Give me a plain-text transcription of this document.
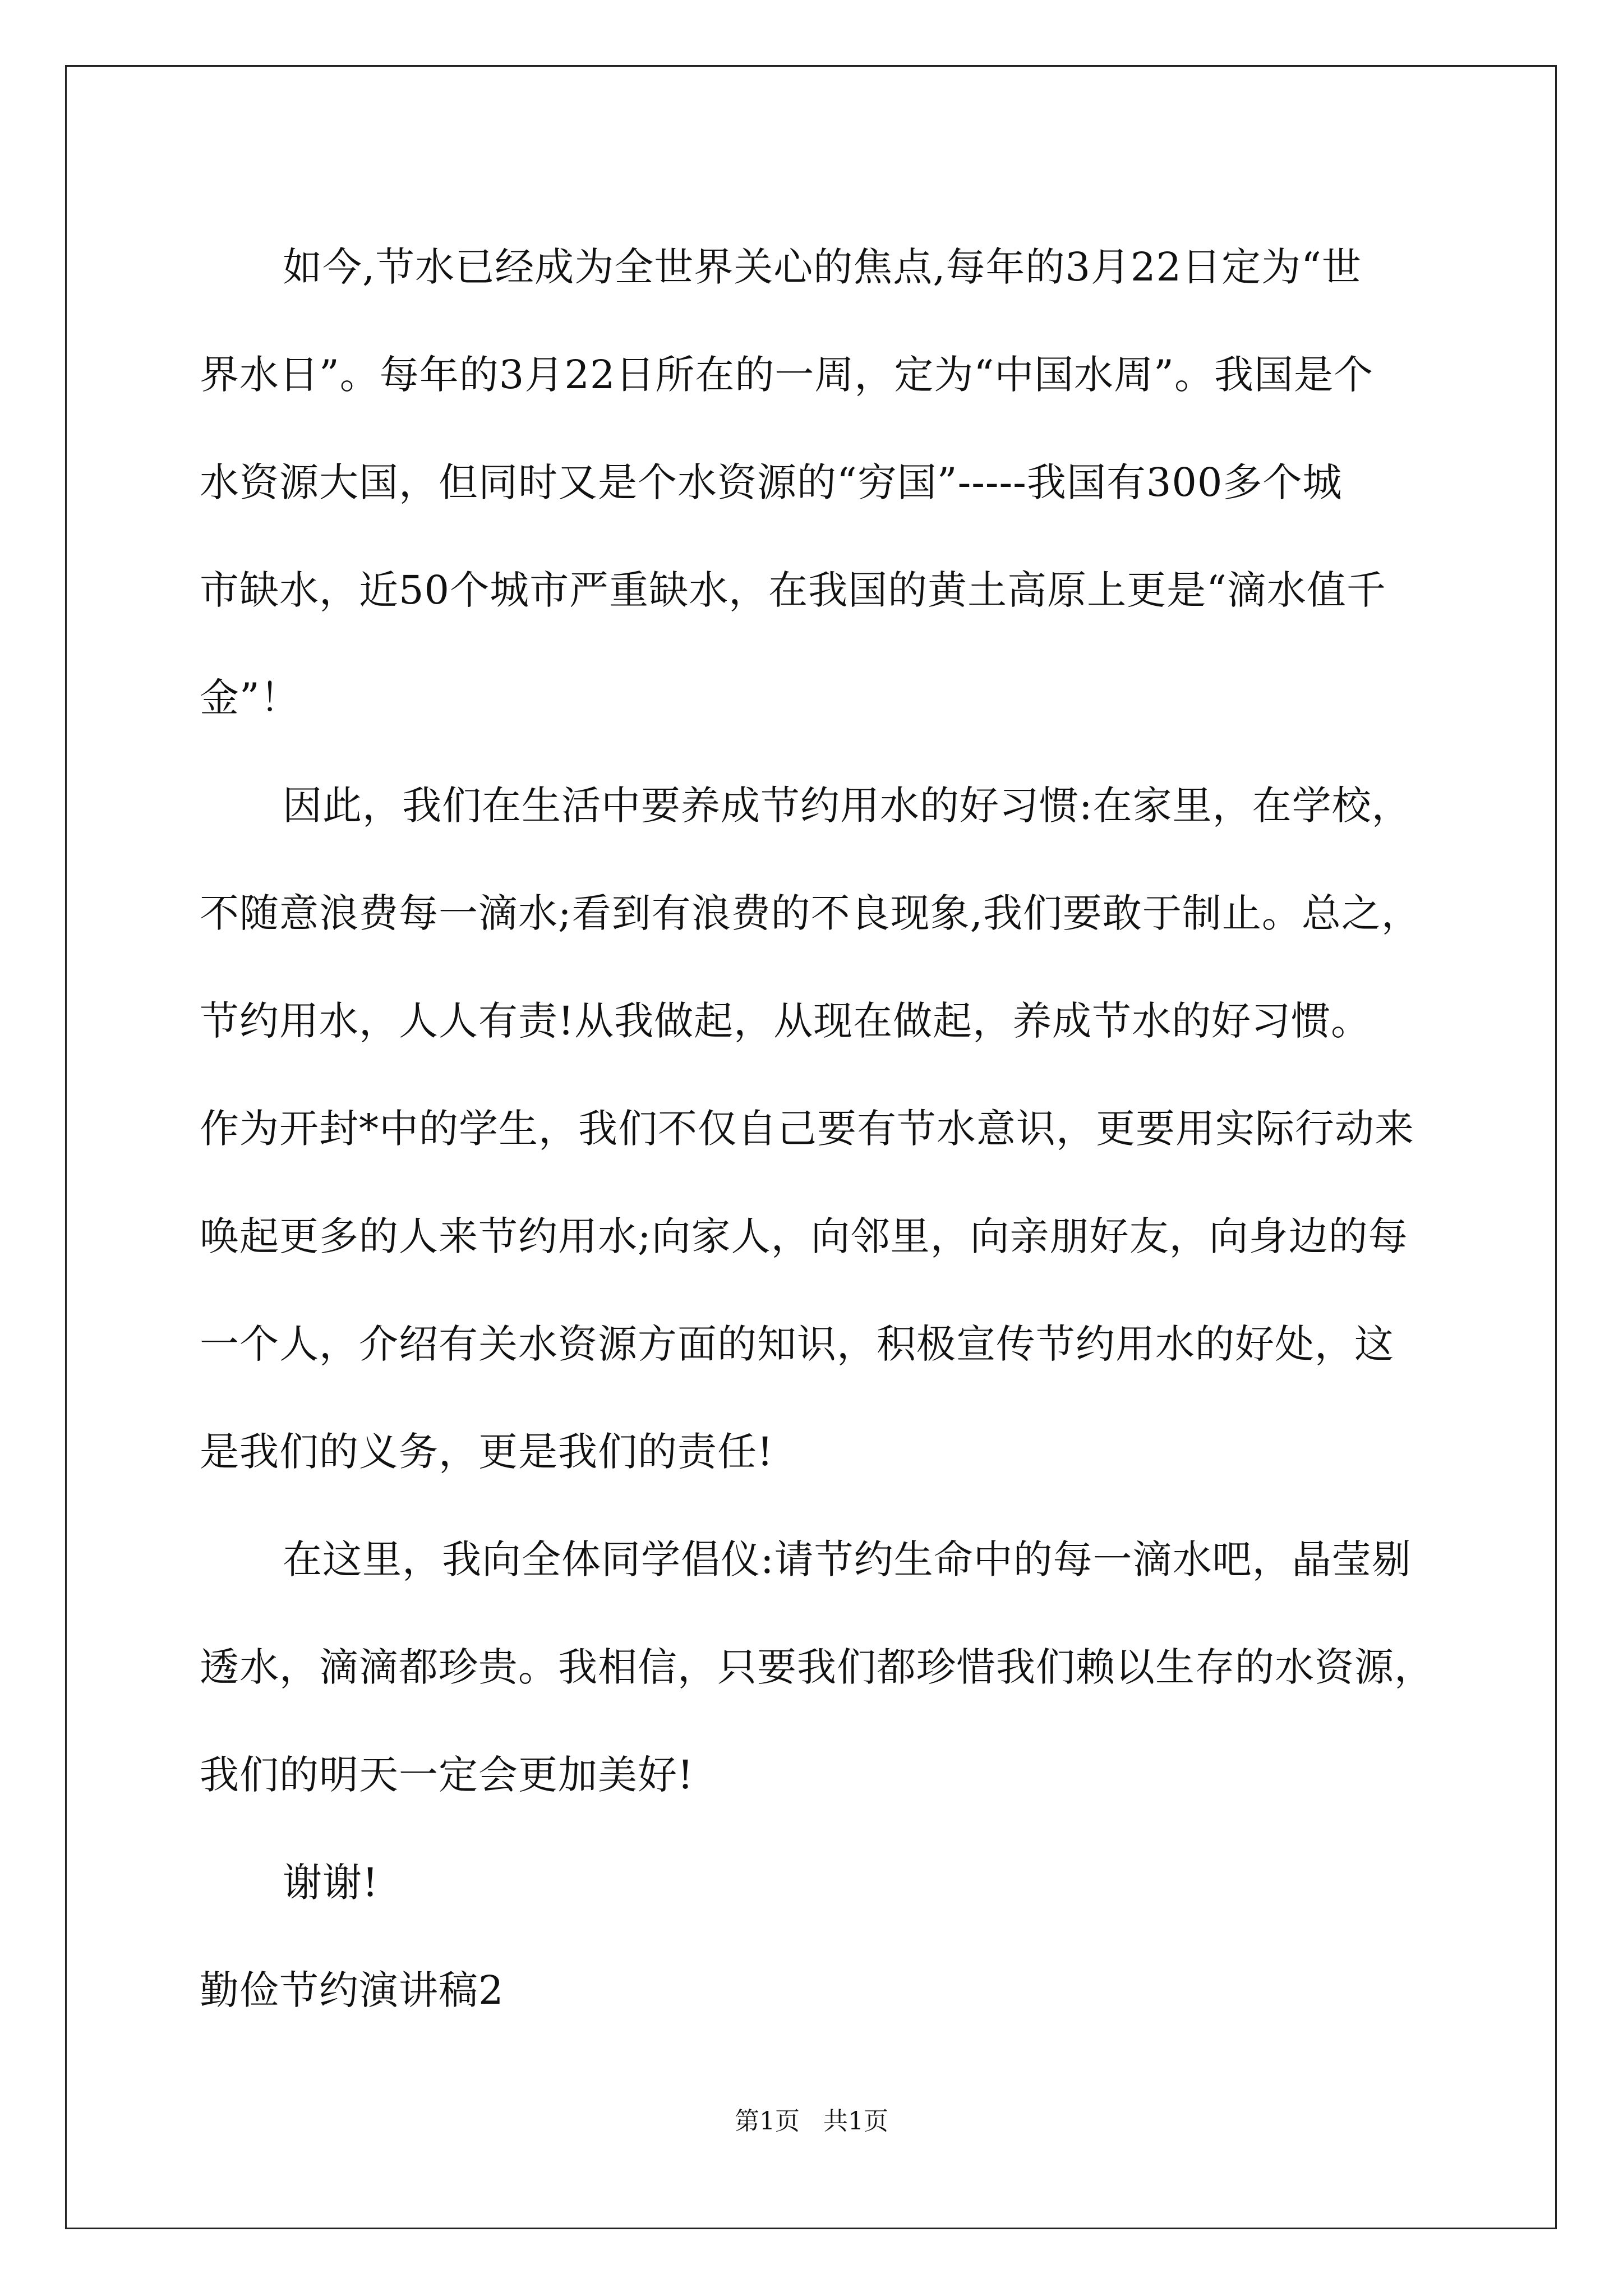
如今,节水已经成为全世界关心的焦点,每年的3月22日定为“世
界水日”。每年的3月22日所在的一周，定为“中国水周”。我国是个
水资源大国，但同时又是个水资源的“穷国”-----我国有300多个城
市缺水，近50个城市严重缺水，在我国的黄土高原上更是“滴水值千
金”！
因此，我们在生活中要养成节约用水的好习惯:在家里，在学校，
不随意浪费每一滴水;看到有浪费的不良现象,我们要敢于制止。总之，
节约用水，人人有责!从我做起，从现在做起，养成节水的好习惯。
作为开封*中的学生，我们不仅自己要有节水意识，更要用实际行动来
唤起更多的人来节约用水;向家人，向邻里，向亲朋好友，向身边的每
一个人，介绍有关水资源方面的知识，积极宣传节约用水的好处，这
是我们的义务，更是我们的责任!
在这里，我向全体同学倡仪:请节约生命中的每一滴水吧，晶莹剔
透水，滴滴都珍贵。我相信，只要我们都珍惜我们赖以生存的水资源，
我们的明天一定会更加美好!
谢谢!
勤俭节约演讲稿2
第1页   共1页
